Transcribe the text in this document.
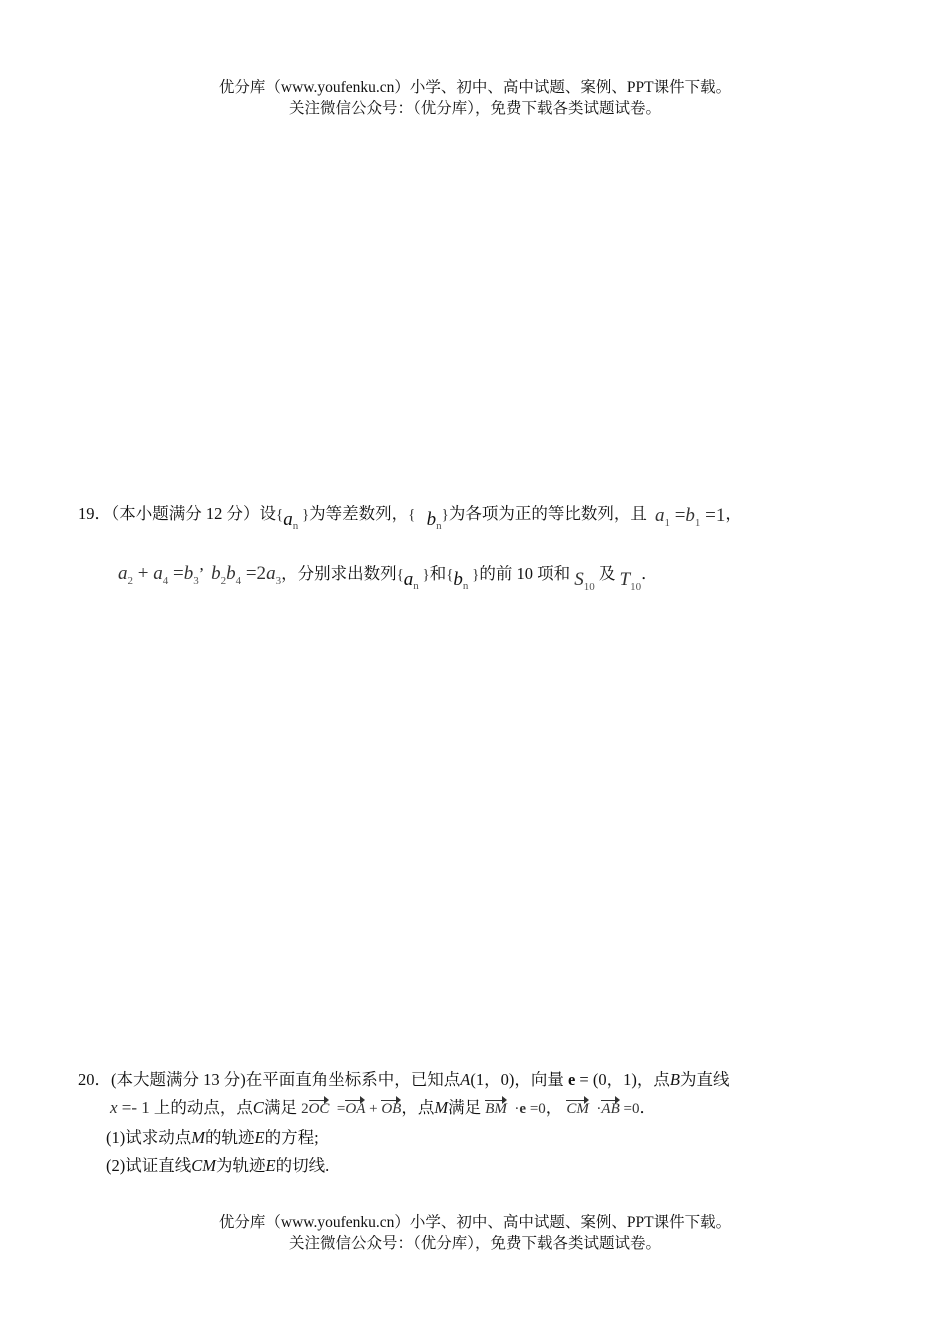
优分库（www.youfenku.cn）小学、初中、高中试题、案例、PPT课件下载。
关注微信公众号：（优分库），免费下载各类试题试卷。
19．（本小题满分 12 分）设{$a_n$ }为等差数列，{   $b_n$}为各项为正的等比数列，且 $a_1 =b_1 =1$，
$a_2 + a_4 =b_3$’ $b_2b_4 =2a_3$，分别求出数列{$a_n$ }和{$b_n$ }的前 10 项和 $S_{10}$ 及 $T_{10}$．
20．(本大题满分 13 分)在平面直角坐标系中，已知点A(1，0)，向量 e = (0，1)，点B为直线
x =- 1 上的动点，点C满足 2OC  =OA + OB，点M满足 BM  ·e =0， CM  ·AB =0．
(1)试求动点M的轨迹E的方程;
(2)试证直线CM为轨迹E的切线.
优分库（www.youfenku.cn）小学、初中、高中试题、案例、PPT课件下载。
关注微信公众号：（优分库），免费下载各类试题试卷。
